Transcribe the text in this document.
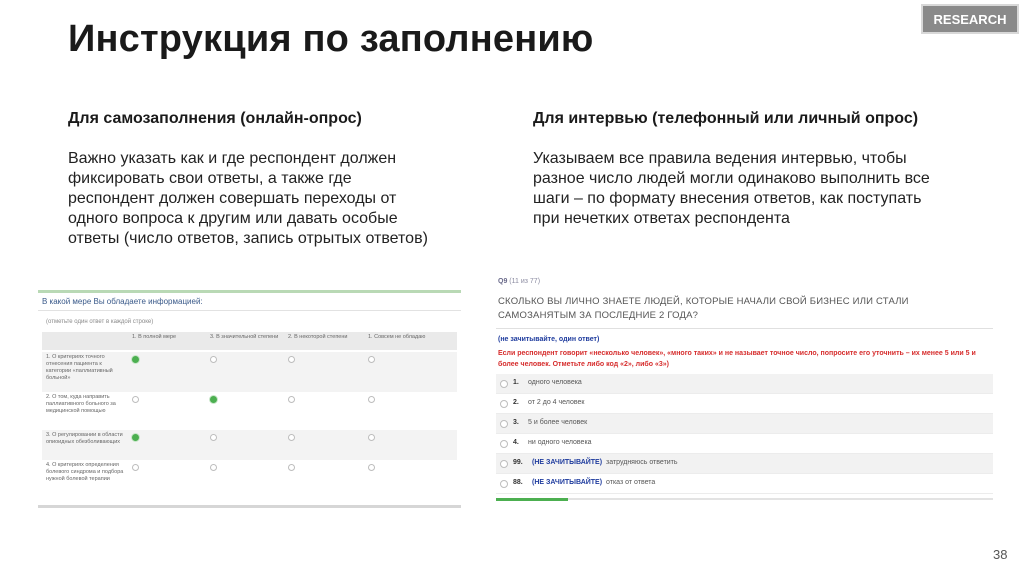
RESEARCH
Инструкция по заполнению
Для самозаполнения (онлайн-опрос)
Важно указать как и где респондент должен
фиксировать свои ответы, а также где
респондент должен совершать переходы от
одного вопроса к другим или давать особые
ответы (число ответов, запись отрытых ответов)
Для интервью (телефонный или личный опрос)
Указываем все правила ведения интервью, чтобы
разное число людей могли одинаково выполнить все
шаги – по формату внесения ответов, как поступать
при нечетких ответах респондента
В какой мере Вы обладаете информацией:
(отметьте один ответ в каждой строке)
1. В полной мере	3. В значительной степени	2. В некоторой степени	1. Совсем не обладаю
1. О критериях точного отнесения пациента к категории «паллиативный больной»
2. О том, куда направить паллиативного больного за медицинской помощью
3. О регулировании в области опиоидных обезболивающих
4. О критериях определения болевого синдрома и подбора нужной болевой терапии
Q9 (11 из 77)
СКОЛЬКО ВЫ ЛИЧНО ЗНАЕТЕ ЛЮДЕЙ, КОТОРЫЕ НАЧАЛИ СВОЙ БИЗНЕС ИЛИ СТАЛИ САМОЗАНЯТЫМ ЗА ПОСЛЕДНИЕ 2 ГОДА?
(не зачитывайте, один ответ)
Если респондент говорит «несколько человек», «много таких» и не называет точное число, попросите его уточнить – их менее 5 или 5 и более человек. Отметьте либо код «2», либо «3»)
1. одного человека
2. от 2 до 4 человек
3. 5 и более человек
4. ни одного человека
99. (НЕ ЗАЧИТЫВАЙТЕ) затрудняюсь ответить
88. (НЕ ЗАЧИТЫВАЙТЕ) отказ от ответа
38
